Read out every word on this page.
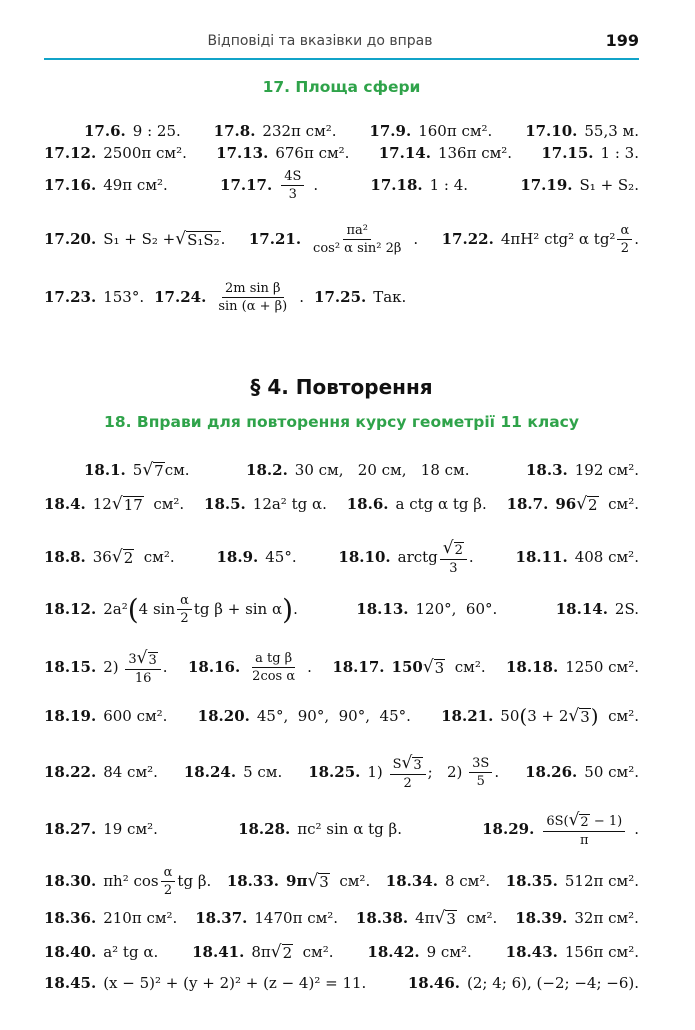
Відповіді та вказівки до вправ	199
17. Площа сфери
17.6. 9 : 25. 17.8. 232π см². 17.9. 160π см². 17.10. 55,3 м.
17.12. 2500π см². 17.13. 676π см². 17.14. 136π см². 17.15. 1 : 3.
17.16. 49π см².	17.17. $\frac{4S}{3}$ .	17.18. 1 : 4.	17.19. S₁ + S₂.
17.20. S₁ + S₂ + √ S₁S₂ . 17.21. $\frac{\text{πa²}}{\text{cos² α sin² 2β}}$ . 17.22. 4πH² ctg² α $tg^2 \frac{\alpha}{2}$ .
17.23. 153°. 17.24. $\frac{\text{2m sin β}}{\sin (\alpha + \beta)}$ . 17.25. Так.
§ 4. Повторення
18. Вправи для повторення курсу геометрії 11 класу
18.1. 5 √ 7 см.	18.2. 30 см,   20 см,   18 см.	18.3. 192 см².
18.4. 12 √ 17 см². 18.5. 12a² tg α. 18.6. a ctg α tg β. 18.7. 96 √ 2 см².
18.8. 36 √ 2 см².	18.9. 45°.	18.10. arctg $\frac{√ 2}{3}$ .	18.11. 408 см².
18.12. 2a² ( 4 $\sin \frac{\alpha}{2}$ tg β + sin α ) .	18.13. 120°,  60°.	18.14. 2S.
18.15. 2)
$\frac{3 √ 3}{16}$ . 18.16. $\frac{\text{a tg β}}{\text{2cos α}}$ . 18.17. 150 √ 3 см². 18.18. 1250 см².
18.19. 600 см². 18.20. 45°,  90°,  90°,  45°. 18.21. 50 ( 3 + 2 √ 3 ) см².
18.22. 84 см². 18.24. 5 см. 18.25. 1)
$\frac{S √ 3}{2}$ ;   2)
$\frac{3S}{5}$ . 18.26. 50 см².
18.27. 19 см².	18.28. πc² sin α tg β.	18.29. $\frac{6S( √ 2 - 1)}{\pi}$ .
18.30. πh² $\cos \frac{\alpha}{2}$ tg β. 18.33. 9π √ 3 см². 18.34. 8 см². 18.35. 512π см².
18.36. 210π см². 18.37. 1470π см². 18.38. 4π √ 3 см². 18.39. 32π см².
18.40. a² tg α. 18.41. 8π √ 2 см². 18.42. 9 см². 18.43. 156π см².
18.45. (x − 5)² + (y + 2)² + (z − 4)² = 11.	18.46. (2; 4; 6), (−2; −4; −6).
